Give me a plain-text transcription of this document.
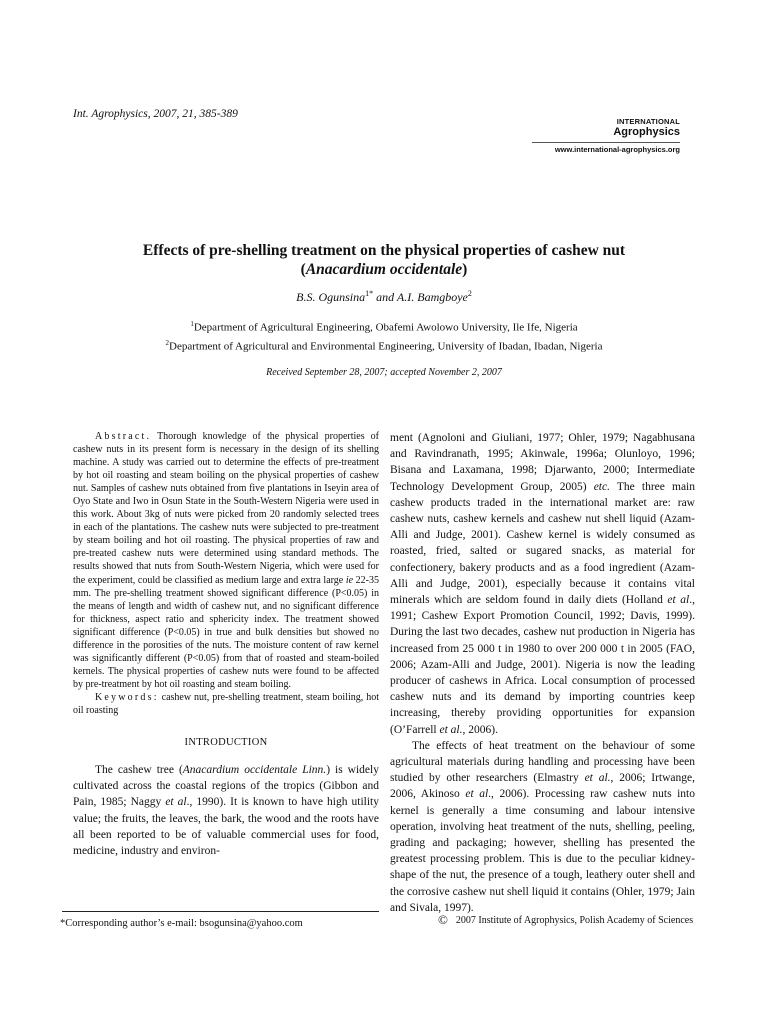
Int. Agrophysics, 2007, 21, 385-389
INTERNATIONAL
Agrophysics
www.international-agrophysics.org
Effects of pre-shelling treatment on the physical properties of cashew nut
(Anacardium occidentale)
B.S. Ogunsina$^{1*}$ and A.I. Bamgboye$^2$
$^1$Department of Agricultural Engineering, Obafemi Awolowo University, Ile Ife, Nigeria
$^2$Department of Agricultural and Environmental Engineering, University of Ibadan, Ibadan, Nigeria
Received September 28, 2007; accepted November 2, 2007

Abstract. Thorough knowledge of the physical properties of cashew nuts in its present form is necessary in the design of its shelling machine. A study was carried out to determine the effects of pre-treatment by hot oil roasting and steam boiling on the physical properties of cashew nut. Samples of cashew nuts obtained from five plantations in Iseyin area of Oyo State and Iwo in Osun State in the South-Western Nigeria were used in this work. About 3kg of nuts were picked from 20 randomly selected trees in each of the plantations. The cashew nuts were subjected to pre-treatment by steam boiling and hot oil roasting. The physical properties of raw and pre-treated cashew nuts were determined using standard methods. The results showed that nuts from South-Western Nigeria, which were used for the experiment, could be classified as medium large and extra large ie 22-35 mm. The pre-shelling treatment showed significant difference (P<0.05) in the means of length and width of cashew nut, and no significant difference for thickness, aspect ratio and sphericity index. The treatment showed significant difference (P<0.05) in true and bulk densities but showed no difference in the porosities of the nuts. The moisture content of raw kernel was significantly different (P<0.05) from that of roasted and steam-boiled kernels. The physical properties of cashew nuts were found to be affected by pre-treatment by hot oil roasting and steam boiling.

Keywords: cashew nut, pre-shelling treatment, steam boiling, hot oil roasting

INTRODUCTION

The cashew tree (Anacardium occidentale Linn.) is widely cultivated across the coastal regions of the tropics (Gibbon and Pain, 1985; Naggy et al., 1990). It is known to have high utility value; the fruits, the leaves, the bark, the wood and the roots have all been reported to be of valuable commercial uses for food, medicine, industry and environ-

ment (Agnoloni and Giuliani, 1977; Ohler, 1979; Nagabhusana and Ravindranath, 1995; Akinwale, 1996a; Olunloyo, 1996; Bisana and Laxamana, 1998; Djarwanto, 2000; Intermediate Technology Development Group, 2005) etc. The three main cashew products traded in the international market are: raw cashew nuts, cashew kernels and cashew nut shell liquid (Azam-Alli and Judge, 2001). Cashew kernel is widely consumed as roasted, fried, salted or sugared snacks, as material for confectionery, bakery products and as a food ingredient (Azam-Alli and Judge, 2001), especially because it contains vital minerals which are seldom found in daily diets (Holland et al., 1991; Cashew Export Promotion Council, 1992; Davis, 1999). During the last two decades, cashew nut production in Nigeria has increased from 25 000 t in 1980 to over 200 000 t in 2005 (FAO, 2006; Azam-Alli and Judge, 2001). Nigeria is now the leading producer of cashews in Africa. Local consumption of processed cashew nuts and its demand by importing countries keep increasing, thereby providing opportunities for expansion (O’Farrell et al., 2006).

The effects of heat treatment on the behaviour of some agricultural materials during handling and processing have been studied by other researchers (Elmastry et al., 2006; Irtwange, 2006, Akinoso et al., 2006). Processing raw cashew nuts into kernel is generally a time consuming and labour intensive operation, involving heat treatment of the nuts, shelling, peeling, grading and packaging; however, shelling has presented the greatest processing problem. This is due to the peculiar kidney-shape of the nut, the presence of a tough, leathery outer shell and the corrosive cashew nut shell liquid it contains (Ohler, 1979; Jain and Sivala, 1997).

*Corresponding author’s e-mail: bsogunsina@yahoo.com	© 2007 Institute of Agrophysics, Polish Academy of Sciences
